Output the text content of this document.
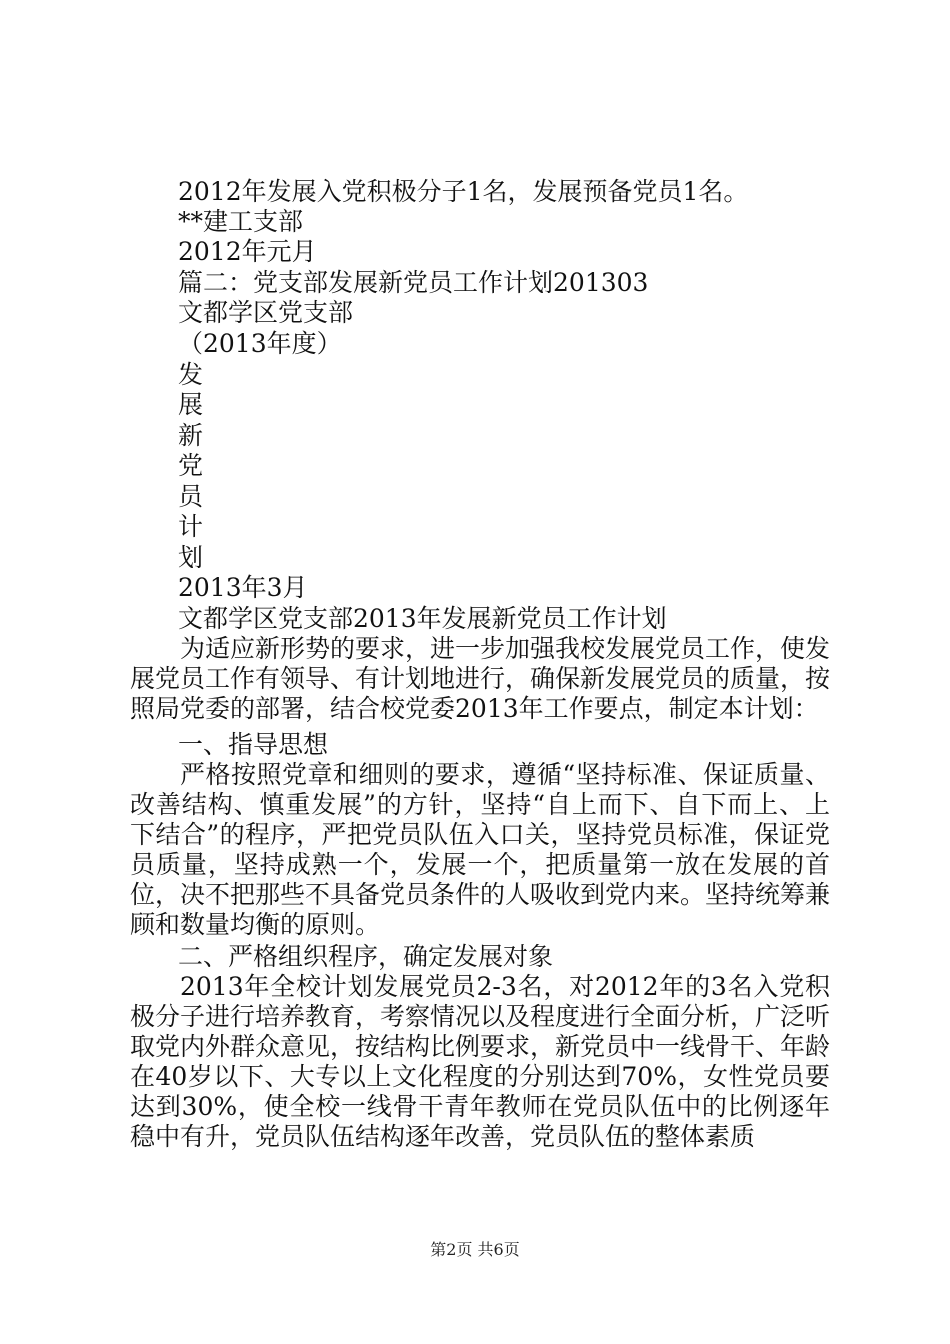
2012年发展入党积极分子1名，发展预备党员1名。
**建工支部
2012年元月
篇二：党支部发展新党员工作计划201303
文都学区党支部
（2013年度）
发
展
新
党
员
计
划
2013年3月
文都学区党支部2013年发展新党员工作计划

为适应新形势的要求，进一步加强我校发展党员工作，使发展党员工作有领导、有计划地进行，确保新发展党员的质量，按照局党委的部署，结合校党委2013年工作要点，制定本计划：

一、指导思想

严格按照党章和细则的要求，遵循“坚持标准、保证质量、改善结构、慎重发展”的方针，坚持“自上而下、自下而上、上下结合”的程序，严把党员队伍入口关，坚持党员标准，保证党员质量，坚持成熟一个，发展一个，把质量第一放在发展的首位，决不把那些不具备党员条件的人吸收到党内来。坚持统筹兼顾和数量均衡的原则。

二、严格组织程序，确定发展对象

2013年全校计划发展党员2-3名，对2012年的3名入党积极分子进行培养教育，考察情况以及程度进行全面分析，广泛听取党内外群众意见，按结构比例要求，新党员中一线骨干、年龄在40岁以下、大专以上文化程度的分别达到70%，女性党员要达到30%，使全校一线骨干青年教师在党员队伍中的比例逐年稳中有升，党员队伍结构逐年改善，党员队伍的整体素质

第2页 共6页
